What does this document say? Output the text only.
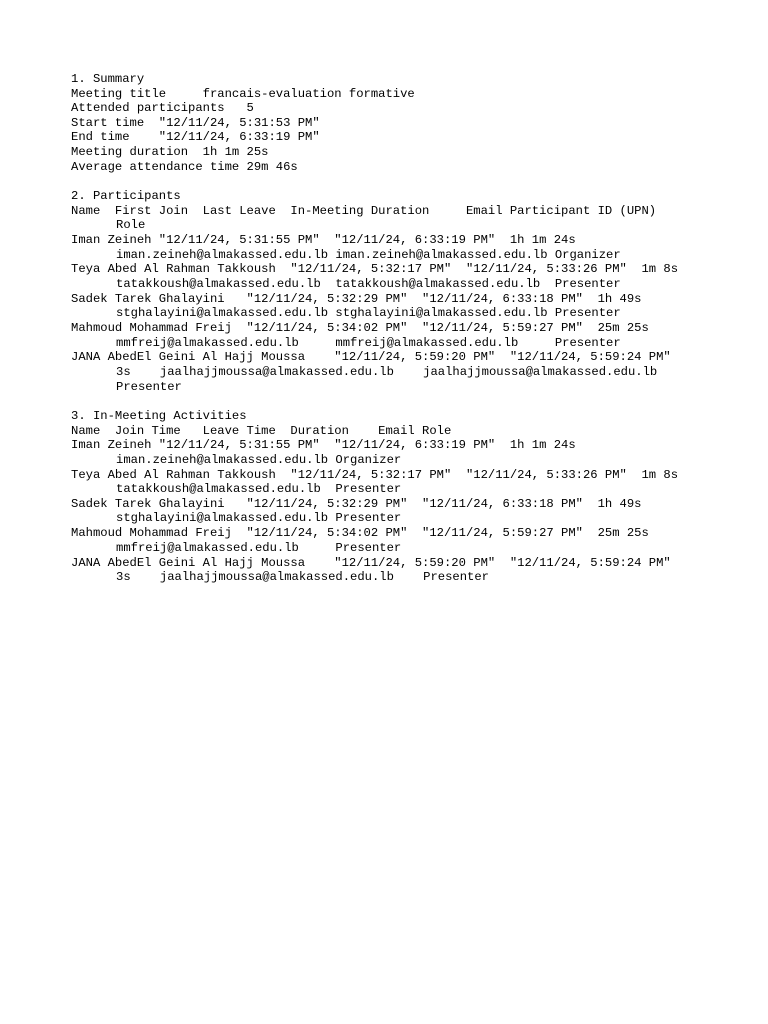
1. Summary
Meeting title     francais-evaluation formative
Attended participants   5
Start time  "12/11/24, 5:31:53 PM"
End time    "12/11/24, 6:33:19 PM"
Meeting duration  1h 1m 25s
Average attendance time 29m 46s
2. Participants
Name  First Join  Last Leave  In-Meeting Duration     Email Participant ID (UPN)
Role
Iman Zeineh "12/11/24, 5:31:55 PM"  "12/11/24, 6:33:19 PM"  1h 1m 24s
iman.zeineh@almakassed.edu.lb iman.zeineh@almakassed.edu.lb Organizer
Teya Abed Al Rahman Takkoush  "12/11/24, 5:32:17 PM"  "12/11/24, 5:33:26 PM"  1m 8s
tatakkoush@almakassed.edu.lb  tatakkoush@almakassed.edu.lb  Presenter
Sadek Tarek Ghalayini   "12/11/24, 5:32:29 PM"  "12/11/24, 6:33:18 PM"  1h 49s
stghalayini@almakassed.edu.lb stghalayini@almakassed.edu.lb Presenter
Mahmoud Mohammad Freij  "12/11/24, 5:34:02 PM"  "12/11/24, 5:59:27 PM"  25m 25s
mmfreij@almakassed.edu.lb     mmfreij@almakassed.edu.lb     Presenter
JANA AbedEl Geini Al Hajj Moussa    "12/11/24, 5:59:20 PM"  "12/11/24, 5:59:24 PM"
3s    jaalhajjmoussa@almakassed.edu.lb    jaalhajjmoussa@almakassed.edu.lb
Presenter
3. In-Meeting Activities
Name  Join Time   Leave Time  Duration    Email Role
Iman Zeineh "12/11/24, 5:31:55 PM"  "12/11/24, 6:33:19 PM"  1h 1m 24s
iman.zeineh@almakassed.edu.lb Organizer
Teya Abed Al Rahman Takkoush  "12/11/24, 5:32:17 PM"  "12/11/24, 5:33:26 PM"  1m 8s
tatakkoush@almakassed.edu.lb  Presenter
Sadek Tarek Ghalayini   "12/11/24, 5:32:29 PM"  "12/11/24, 6:33:18 PM"  1h 49s
stghalayini@almakassed.edu.lb Presenter
Mahmoud Mohammad Freij  "12/11/24, 5:34:02 PM"  "12/11/24, 5:59:27 PM"  25m 25s
mmfreij@almakassed.edu.lb     Presenter
JANA AbedEl Geini Al Hajj Moussa    "12/11/24, 5:59:20 PM"  "12/11/24, 5:59:24 PM"
3s    jaalhajjmoussa@almakassed.edu.lb    Presenter
